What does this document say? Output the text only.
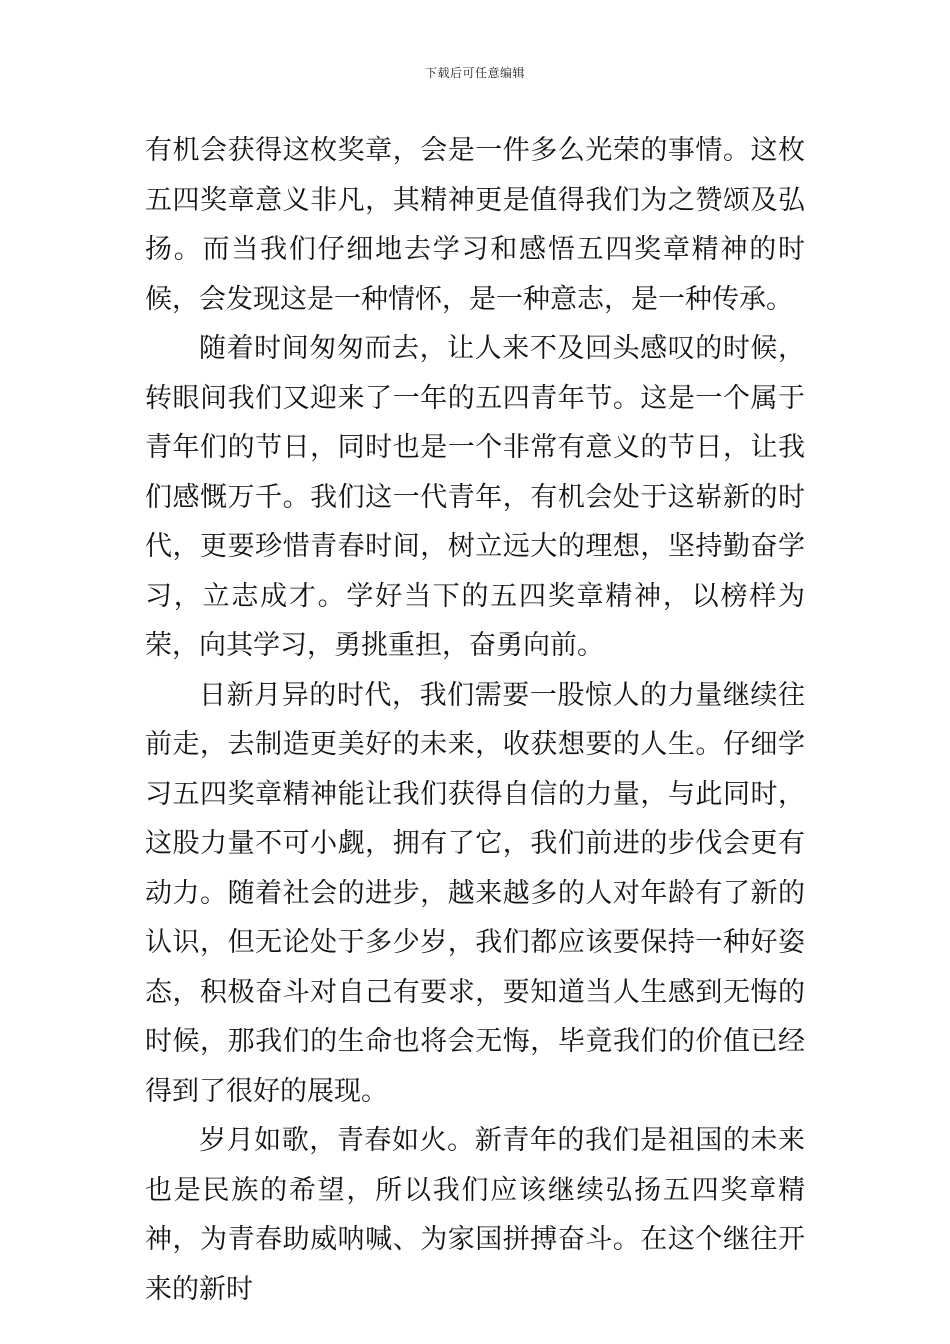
下载后可任意编辑

有机会获得这枚奖章，会是一件多么光荣的事情。这枚五四奖章意义非凡，其精神更是值得我们为之赞颂及弘扬。而当我们仔细地去学习和感悟五四奖章精神的时候，会发现这是一种情怀，是一种意志，是一种传承。

随着时间匆匆而去，让人来不及回头感叹的时候，转眼间我们又迎来了一年的五四青年节。这是一个属于青年们的节日，同时也是一个非常有意义的节日，让我们感慨万千。我们这一代青年，有机会处于这崭新的时代，更要珍惜青春时间，树立远大的理想，坚持勤奋学习，立志成才。学好当下的五四奖章精神，以榜样为荣，向其学习，勇挑重担，奋勇向前。

日新月异的时代，我们需要一股惊人的力量继续往前走，去制造更美好的未来，收获想要的人生。仔细学习五四奖章精神能让我们获得自信的力量，与此同时，这股力量不可小觑，拥有了它，我们前进的步伐会更有动力。随着社会的进步，越来越多的人对年龄有了新的认识，但无论处于多少岁，我们都应该要保持一种好姿态，积极奋斗对自己有要求，要知道当人生感到无悔的时候，那我们的生命也将会无悔，毕竟我们的价值已经得到了很好的展现。

岁月如歌，青春如火。新青年的我们是祖国的未来也是民族的希望，所以我们应该继续弘扬五四奖章精神，为青春助威呐喊、为家国拼搏奋斗。在这个继往开来的新时
